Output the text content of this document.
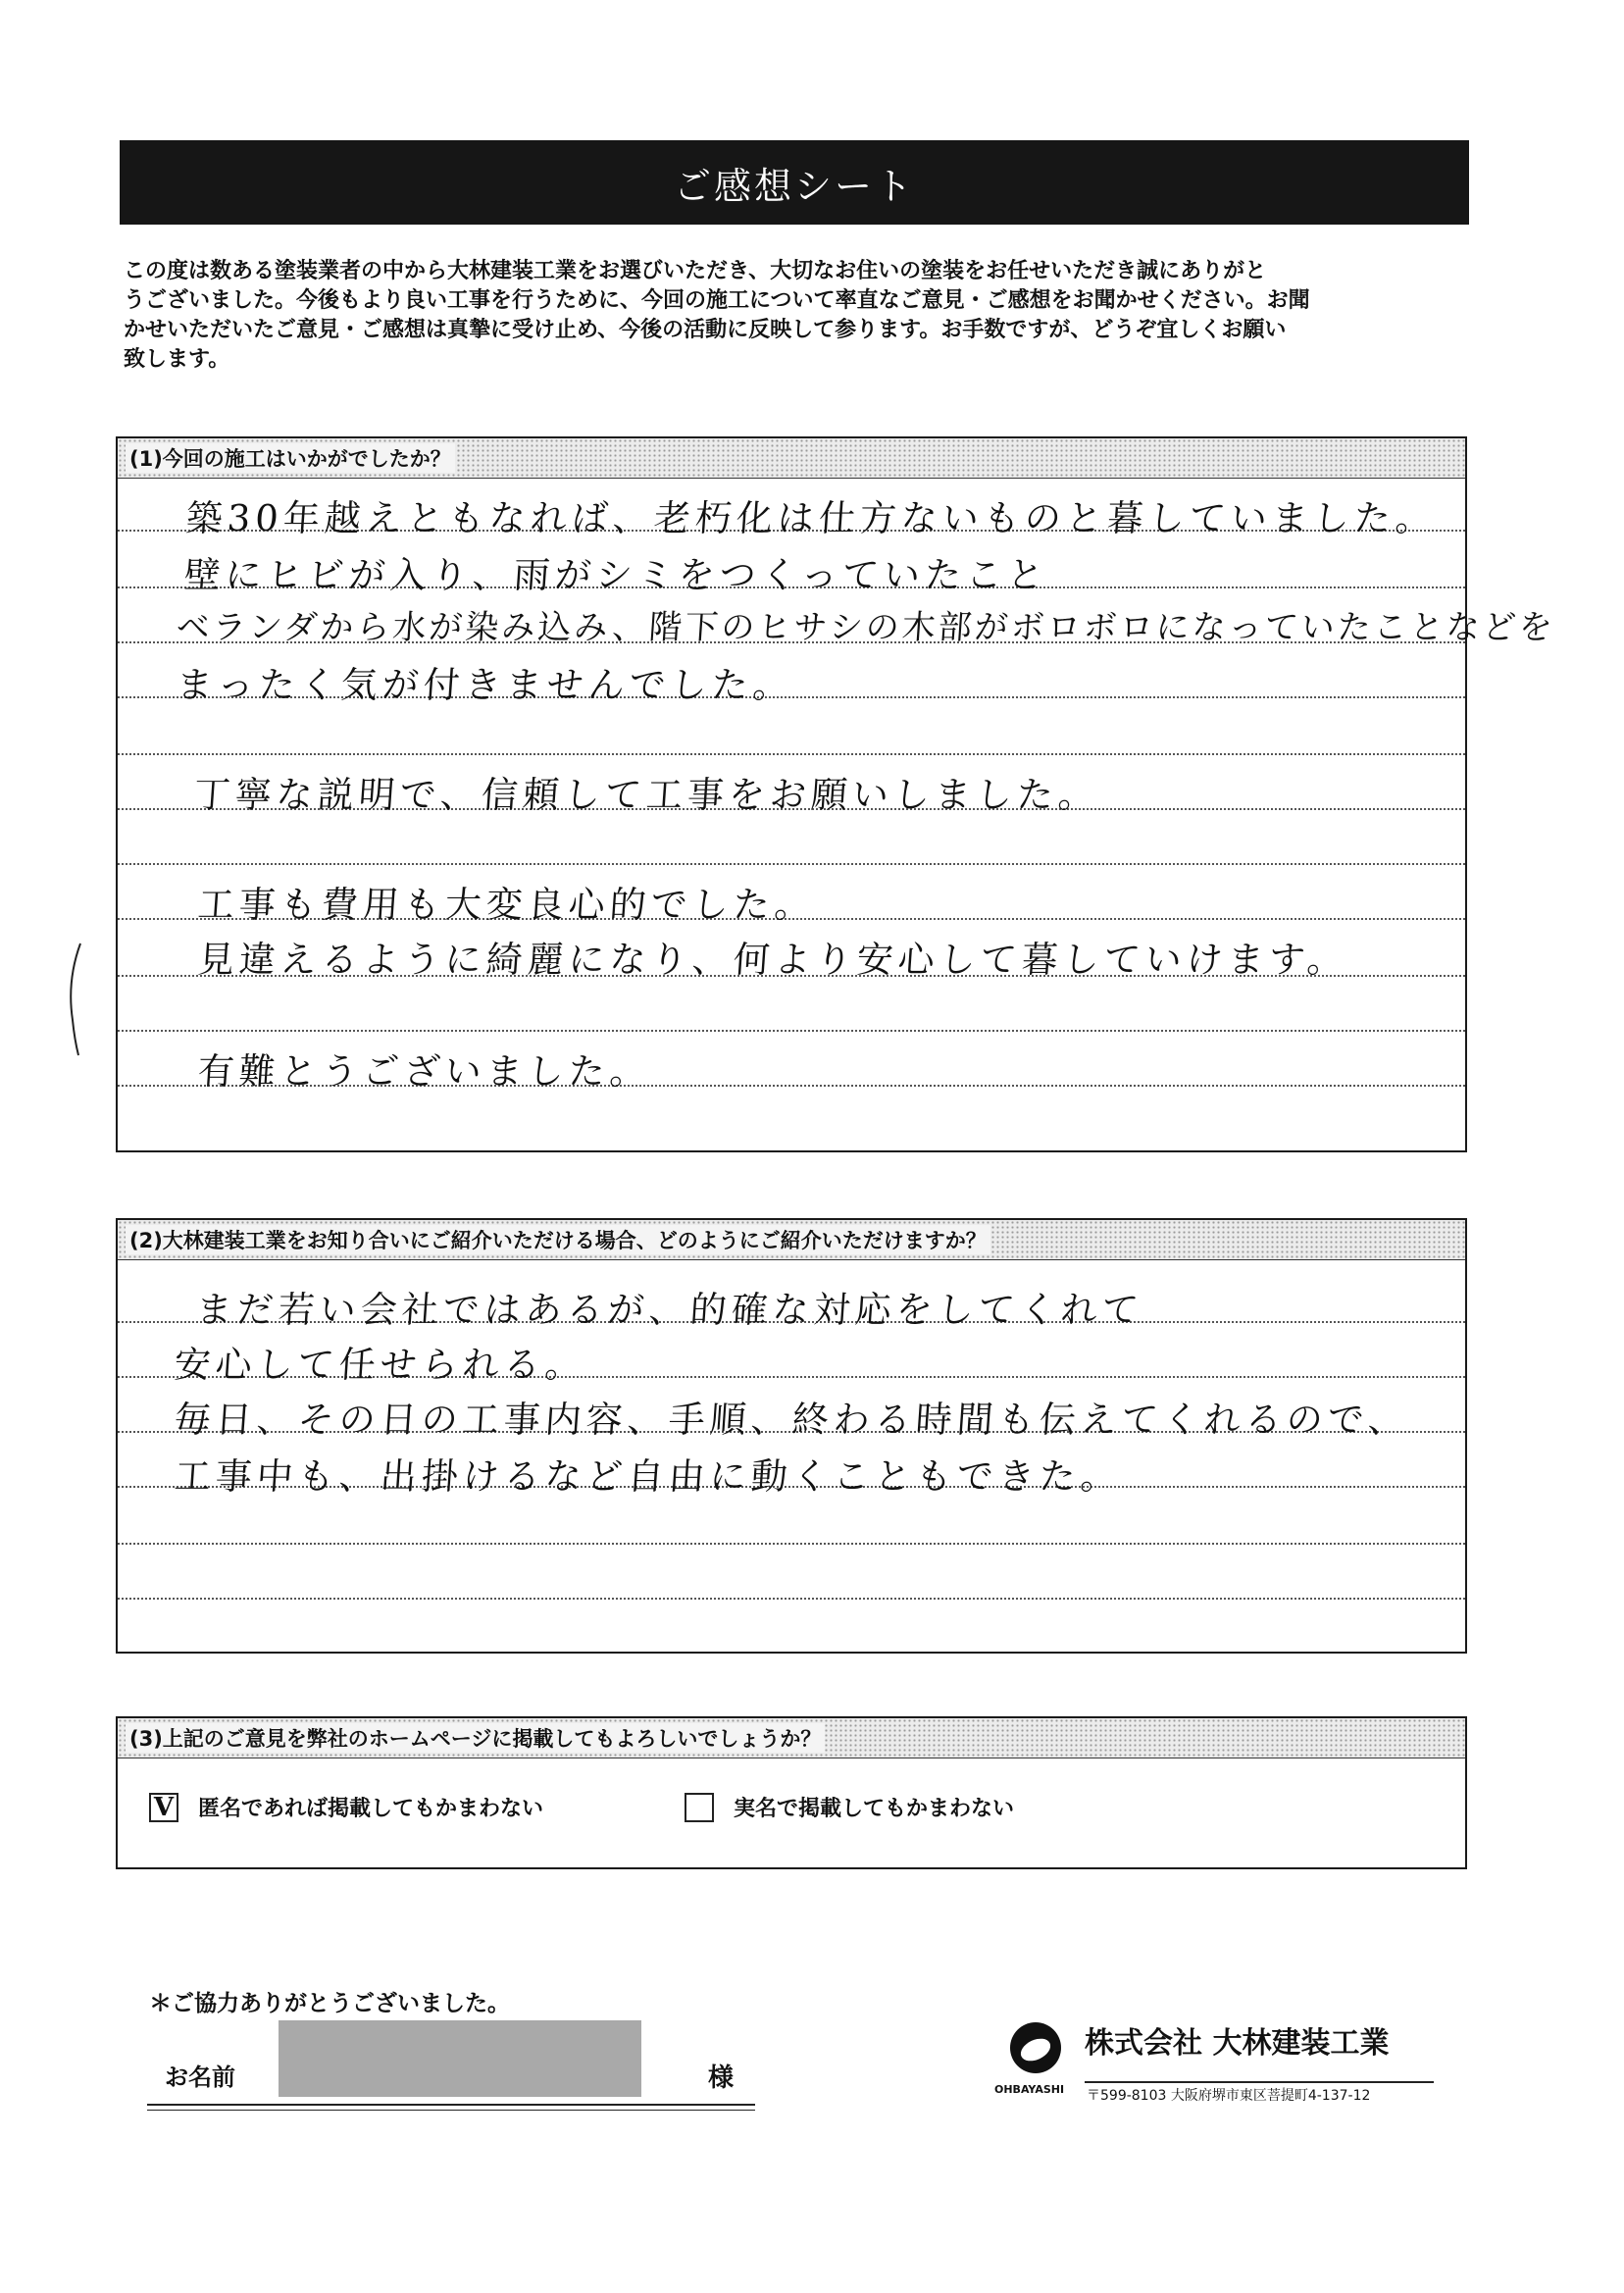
ご感想シート
この度は数ある塗装業者の中から大林建装工業をお選びいただき、大切なお住いの塗装をお任せいただき誠にありがと
うございました。今後もより良い工事を行うために、今回の施工について率直なご意見・ご感想をお聞かせください。お聞
かせいただいたご意見・ご感想は真摯に受け止め、今後の活動に反映して参ります。お手数ですが、どうぞ宜しくお願い
致します。
(1)今回の施工はいかがでしたか？
築30年越えともなれば、老朽化は仕方ないものと暮していました。
壁にヒビが入り、雨がシミをつくっていたこと
ベランダから水が染み込み、階下のヒサシの木部がボロボロになっていたことなどを
まったく気が付きませんでした。
丁寧な説明で、信頼して工事をお願いしました。
工事も費用も大変良心的でした。
見違えるように綺麗になり、何より安心して暮していけます。
有難とうございました。
(2)大林建装工業をお知り合いにご紹介いただける場合、どのようにご紹介いただけますか？
まだ若い会社ではあるが、的確な対応をしてくれて
安心して任せられる。
毎日、その日の工事内容、手順、終わる時間も伝えてくれるので、
工事中も、出掛けるなど自由に動くこともできた。
(3)上記のご意見を弊社のホームページに掲載してもよろしいでしょうか？
V 匿名であれば掲載してもかまわない	実名で掲載してもかまわない
＊ご協力ありがとうございました。
お名前	様	OHBAYASHI
株式会社 大林建装工業
〒599-8103 大阪府堺市東区菩提町4-137-12
